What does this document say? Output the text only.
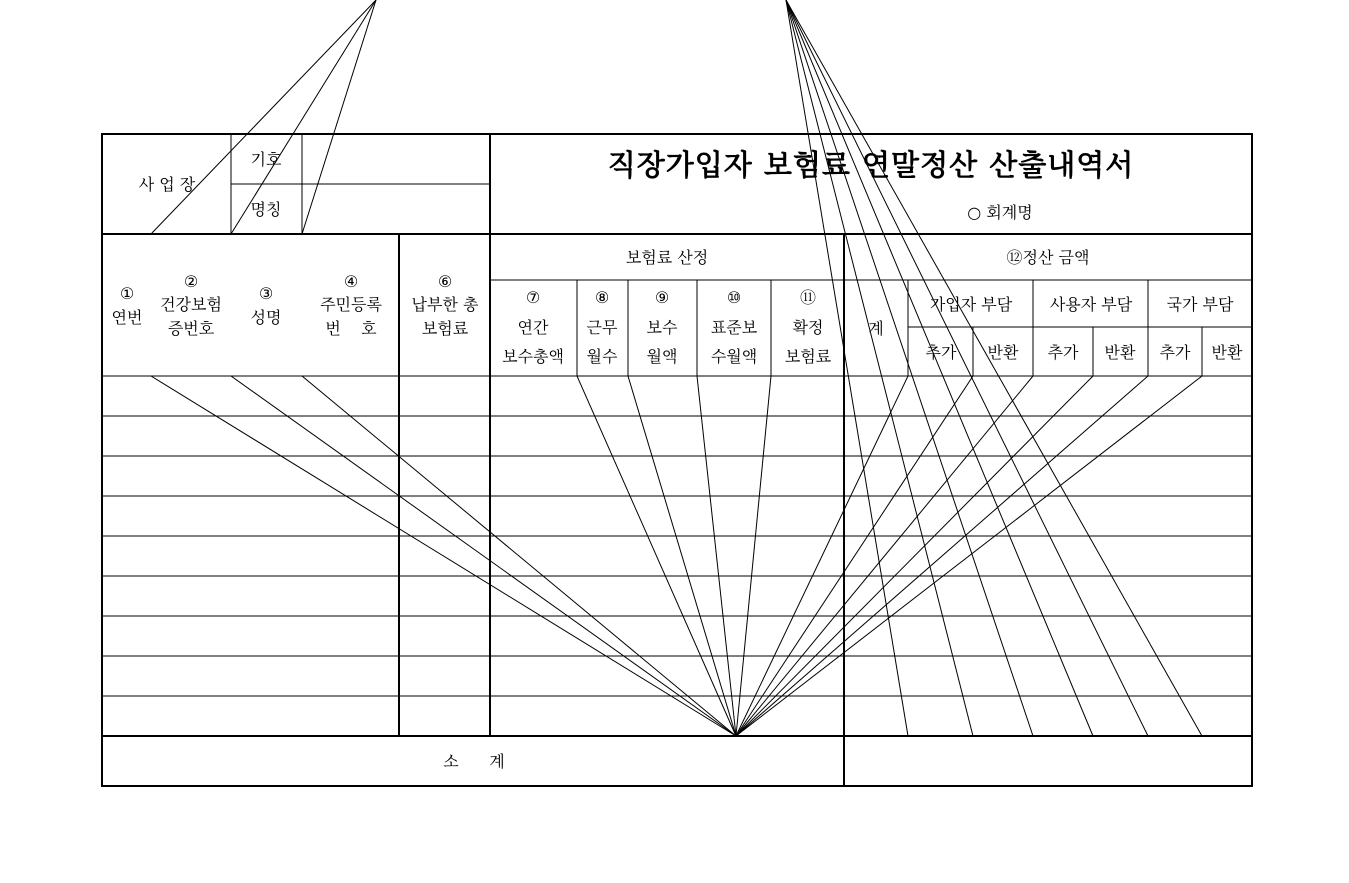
사 업 장
기호
명칭
직장가입자 보험료 연말정산 산출내역서
○ 회계명
①
연번
②
건강보험
증번호
③
성명
④
주민등록
번    호
⑥
납부한 총
보험료
보험료 산정
⑦
연간
보수총액
⑧
근무
월수
⑨
보수
월액
⑩
표준보
수월액
⑪
확정
보험료
⑫정산 금액
계
가입자 부담 사용자 부담 국가 부담
추가 반환 추가 반환 추가 반환
소      계
